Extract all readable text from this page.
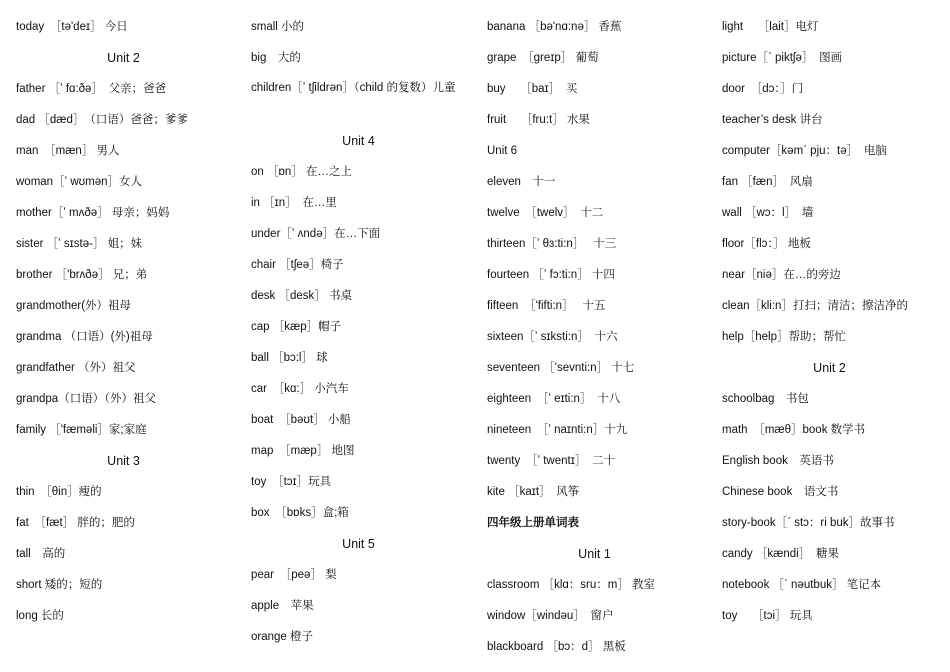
today　［tə'deɪ］ 今日
Unit 2
father ［ʼ fɑ:ðə］　父亲；爸爸
dad ［dæd］　（口语）爸爸；爹爹
man　［mæn］ 男人
woman［ʼ wʊmən］女人
mother［ʼ mʌðə］ 母亲；妈妈
sister ［ʼ sɪstə-］ 姐；妹
brother ［'brʌðə］ 兄；弟
grandmother(外）祖母
grandma （口语）(外)祖母
grandfather （外）祖父
grandpa（口语）（外）祖父
family ［'fæməli］家;家庭
Unit 3
thin　［θin］瘦的
fat　［fæt］ 胖的；肥的
tall　高的
short 矮的；短的
long 长的
small 小的
big　大的
children［ʼ tʃildrən］（child 的复数）儿童
Unit 4
on ［ɒn］ 在…之上
in ［ɪn］　在…里
under［ʼ ʌndə］在…下面
chair ［tʃeə］椅子
desk ［desk］ 书桌
cap ［kæp］帽子
ball ［bɔ:l］ 球
car　［kɑ:］ 小汽车
boat　［bəʊt］ 小船
map　［mæp］ 地图
toy　［tɔɪ］玩具
box　［bɒks］盒;箱
Unit 5
pear　［peə］ 梨
apple　苹果
orange 橙子
banana ［bə'nɑ:nə］ 香蕉
grape　［greɪp］ 葡萄
buy　 ［baɪ］　买
fruit　 ［fru:t］ 水果
Unit 6
eleven　十一
twelve　［twelv］　十二
thirteen［ʼ θɜ:ti:n］　 十三
fourteen ［ʼ fɔ:ti:n］ 十四
fifteen　［'fifti:n］　 十五
sixteen［ʼ sɪksti:n］　十六
seventeen ［'sevnti:n］ 十七
eighteen　［ʼ eɪti:n］　十八
nineteen　［ʼ naɪnti:n］十九
twenty　［ʼ twentɪ］　二十
kite ［kaɪt］　风筝
四年级上册单词表
Unit 1
classroom ［klɑ：sru：m］ 教室
window［windəu］　窗户
blackboard ［bɔ：d］ 黑板
light　 ［lait］电灯
picture［ˊ piktʃə］　图画
door　［dɔ：］门
teacher’s desk 讲台
computer［kəmˊ pju：tə］　电脑
fan ［fæn］　风扇
wall ［wɔ：l］　墙
floor［flɔ：］ 地板
near［niə］在…的旁边
clean［kli:n］打扫；清洁；擦洁净的
help［help］帮助；帮忙
Unit 2
schoolbag　书包
math　［mæθ］book 数学书
English book　英语书
Chinese book　语文书
story-book［ˊ stɔ：ri buk］故事书
candy ［kændi］　糖果
notebook ［ˊ nəutbuk］ 笔记本
toy　 ［tɔi］ 玩具
